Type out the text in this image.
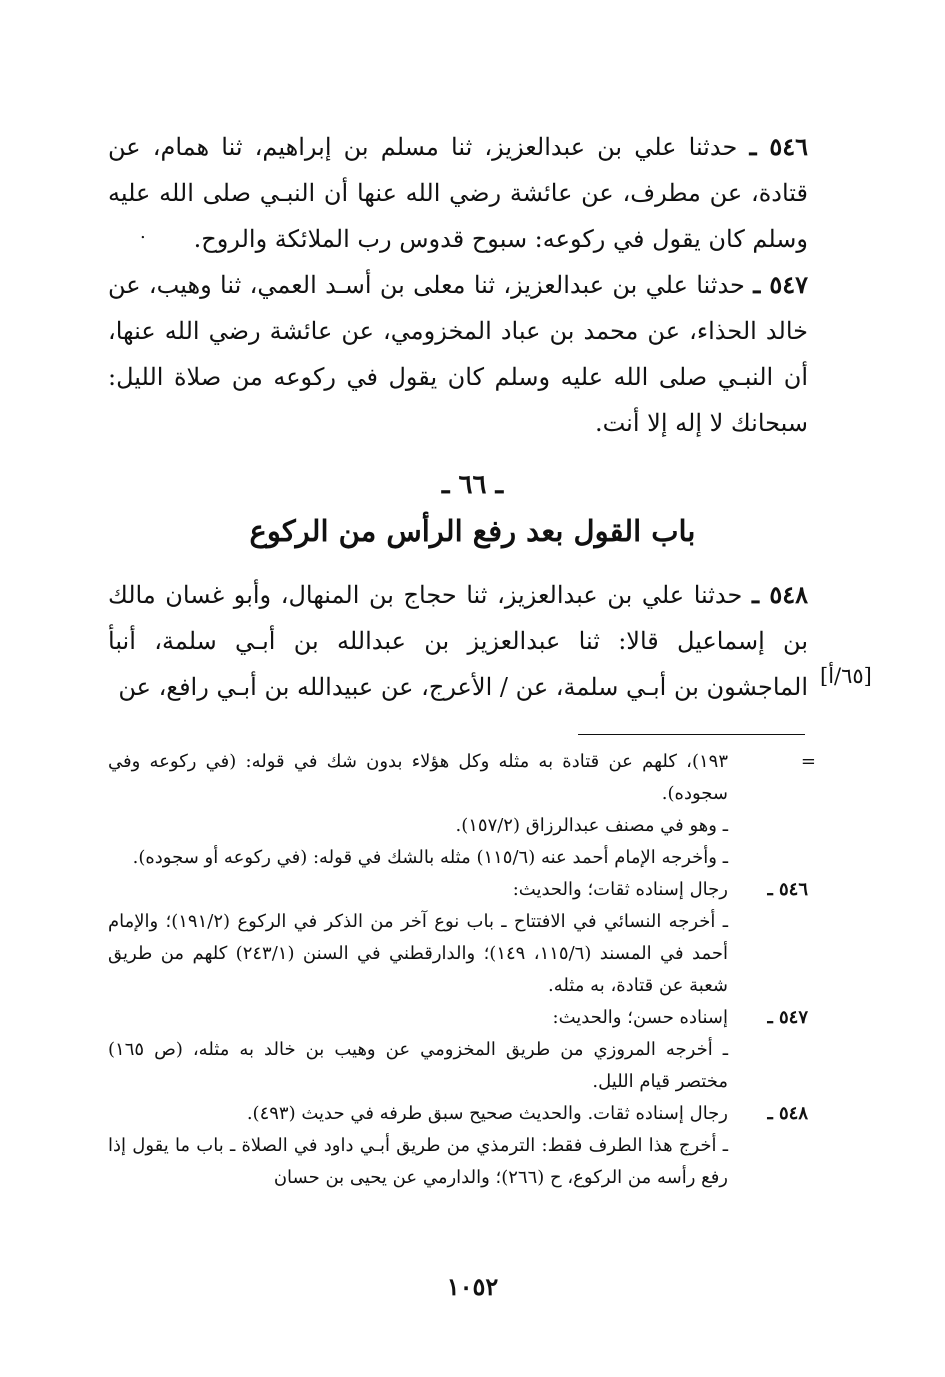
٥٤٦ ـ حدثنا علي بن عبدالعزيز، ثنا مسلم بن إبراهيم، ثنا همام، عن قتادة، عن مطرف، عن عائشة رضي الله عنها أن النبـي صلى الله عليه وسلم كان يقول في ركوعه: سبوح قدوس رب الملائكة والروح.
.
٥٤٧ ـ حدثنا علي بن عبدالعزيز، ثنا معلى بن أسـد العمي، ثنا وهيب، عن خالد الحذاء، عن محمد بن عباد المخزومي، عن عائشة رضي الله عنها، أن النبـي صلى الله عليه وسلم كان يقول في ركوعه من صلاة الليل: سبحانك لا إله إلا أنت.
ـ ٦٦ ـ
باب القول بعد رفع الرأس من الركوع
٥٤٨ ـ حدثنا علي بن عبدالعزيز، ثنا حجاج بن المنهال، وأبو غسان مالك بن إسماعيل قالا: ثنا عبدالعزيز بن عبدالله بن أبـي سلمة، أنبأ الماجشون بن أبـي سلمة، عن / الأعرج، عن عبيدالله بن أبـي رافع، عن [٦٥/أ]
=
١٩٣)، كلهم عن قتادة به مثله وكل هؤلاء بدون شك في قوله: (في ركوعه وفي سجوده).
ـ وهو في مصنف عبدالرزاق (١٥٧/٢).
ـ وأخرجه الإمام أحمد عنه (١١٥/٦) مثله بالشك في قوله: (في ركوعه أو سجوده).
٥٤٦ ـ
رجال إسناده ثقات؛ والحديث:
ـ أخرجه النسائي في الافتتاح ـ باب نوع آخر من الذكر في الركوع (١٩١/٢)؛ والإمام أحمد في المسند (١١٥/٦، ١٤٩)؛ والدارقطني في السنن (٢٤٣/١) كلهم من طريق شعبة عن قتادة، به مثله.
٥٤٧ ـ
إسناده حسن؛ والحديث:
ـ أخرجه المروزي من طريق المخزومي عن وهيب بن خالد به مثله، (ص ١٦٥) مختصر قيام الليل.
٥٤٨ ـ
رجال إسناده ثقات. والحديث صحيح سبق طرفه في حديث (٤٩٣).
ـ أخرج هذا الطرف فقط: الترمذي من طريق أبـي داود في الصلاة ـ باب ما يقول إذا رفع رأسه من الركوع، ح (٢٦٦)؛ والدارمي عن يحيى بن حسان
١٠٥٢
